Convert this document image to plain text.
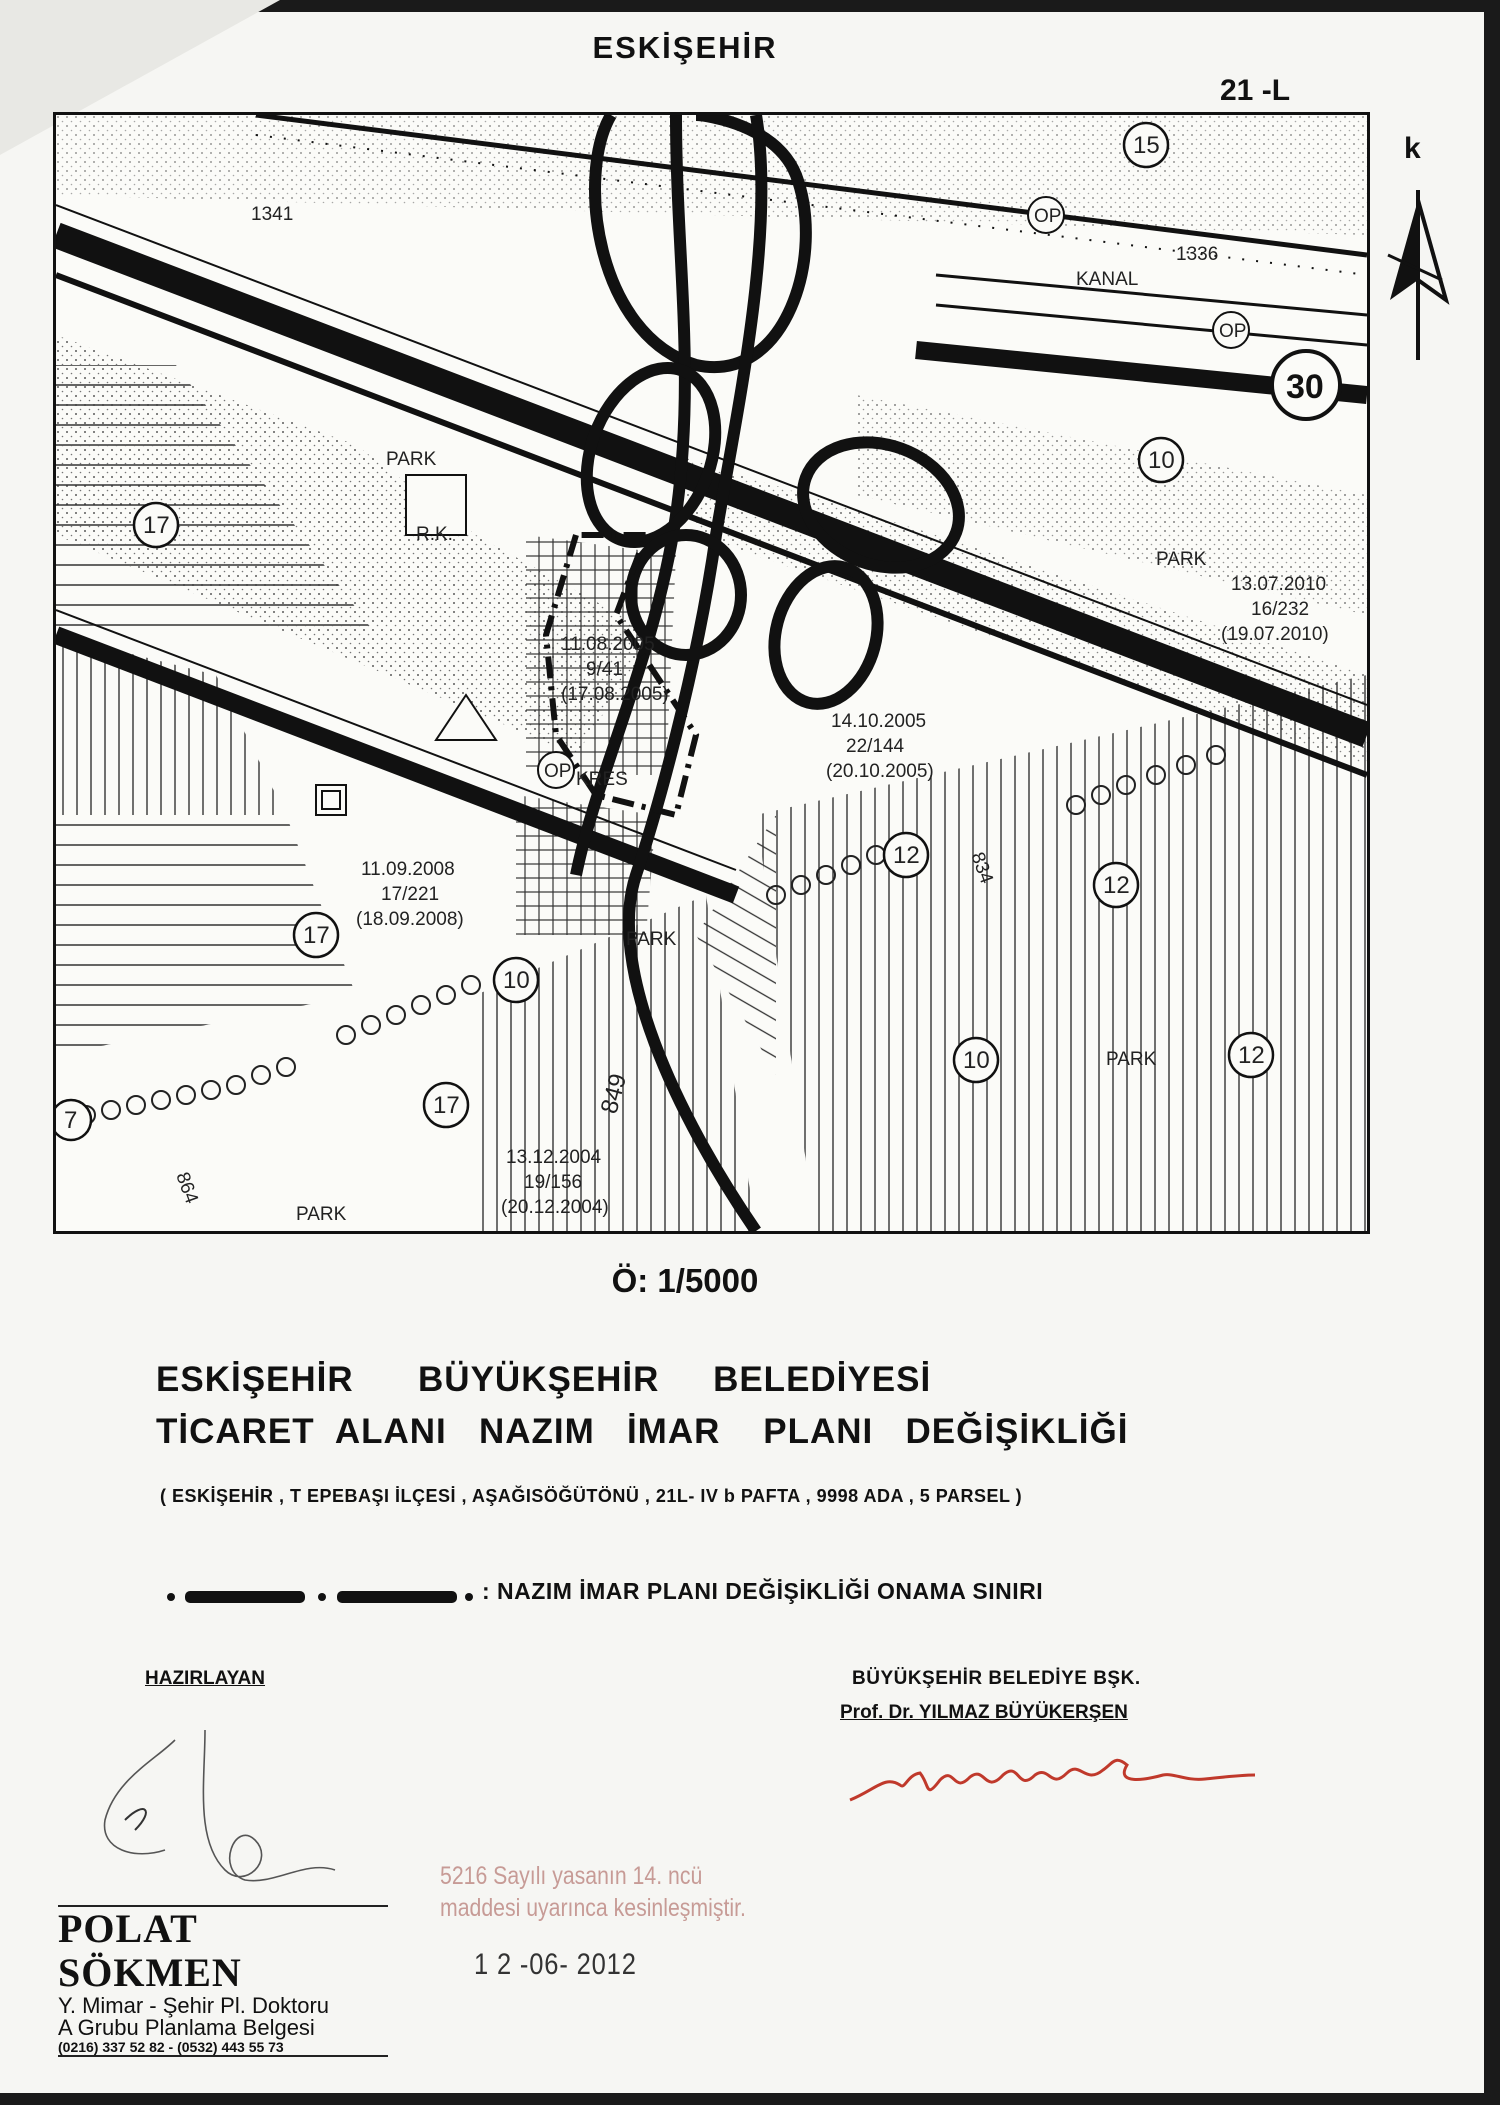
ESKİŞEHİR
21 -L
k
PARK
PARK
PARK
PARK
PARK
R.K.
KRES
KANAL
1341
1336
834
849
864
OP
OP
OP
15
10
17
17
17
10
10
12
12
12
7
30
13.07.2010
16/232
(19.07.2010)
11.08.2005
9/41
(17.08.2005)
14.10.2005
22/144
(20.10.2005)
11.09.2008
17/221
(18.09.2008)
13.12.2004
19/156
(20.12.2004)
Ö: 1/5000
ESKİŞEHİR BÜYÜKŞEHİR BELEDİYESİ
TİCARET ALANI NAZIM İMAR PLANI DEĞİŞİKLİĞİ
( ESKİŞEHİR , T EPEBAŞI İLÇESİ , AŞAĞISÖĞÜTÖNÜ , 21L- IV b PAFTA , 9998 ADA , 5 PARSEL )
: NAZIM İMAR PLANI DEĞİŞİKLİĞİ ONAMA SINIRI
HAZIRLAYAN	BÜYÜKŞEHİR BELEDİYE BŞK.
Prof. Dr. YILMAZ BÜYÜKERŞEN
POLAT SÖKMEN
Y. Mimar - Şehir Pl. Doktoru
A Grubu Planlama Belgesi
(0216) 337 52 82 - (0532) 443 55 73
5216 Sayılı yasanın 14. ncü
maddesi uyarınca kesinleşmiştir.
1 2 -06- 2012
